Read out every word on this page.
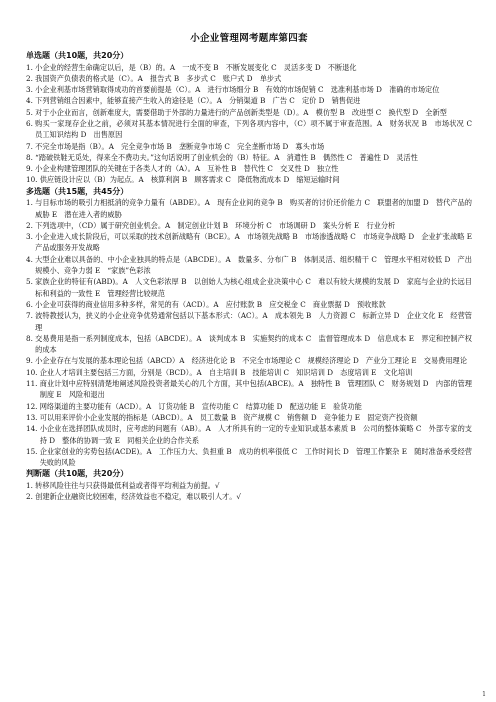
小企业管理网考题库第四套
单选题（共10题，共20分）
1. 小企业的经营生命确定以后，是（B）的。A　一成不变 B　不断发展变化 C　灵活多变 D　不断退化
2. 我国资产负债表的格式是（C）。A　报告式 B　多步式 C　账户式 D　单步式
3. 小企业利基市场营销取得成功的首要前提是（C）。A　进行市场细分 B　有效的市场促销 C　选准利基市场 D　准确的市场定位
4. 下列营销组合因素中，能够直接产生收入的途径是（C）。A　分销渠道 B　广告 C　定价 D　销售促进
5. 对于小企业而言，创新难度大，需要借助于外部的力量进行的产品创新类型是（D）。A　模仿型 B　改进型 C　换代型 D　全新型
6. 购买一家现存企业之前，必须对其基本情况进行全面的审查，下列各项内容中，（C）项不属于审查范围。A　财务状况 B　市场状况 C　员工知识结构 D　出售原因
7. 不完全市场是指（B）。A　完全竞争市场 B　垄断竞争市场 C　完全垄断市场 D　寡头市场
8. “踏破铁鞋无觅处，得来全不费功夫。”这句话说明了创业机会的（B）特征。A　消遣性 B　偶然性 C　普遍性 D　灵活性
9. 小企业构建管理团队的关键在于各类人才的（A）。A　互补性 B　替代性 C　交叉性 D　独立性
10. 供应链设计应以（B）为起点。A　核算利润 B　顾客需求 C　降低物流成本 D　缩短运输时间
多选题（共15题，共45分）
1. 与目标市场的吸引力相抵消的竞争力量有（ABDE）。A　现有企业间的竞争 B　购买者的讨价还价能力 C　联盟者的加盟 D　替代产品的威胁 E　潜在进入者的威胁
2. 下列选项中，（CD）属于研究创业机会。A　制定创业计划 B　环境分析 C　市场调研 D　案头分析 E　行业分析
3. 小企业进入成长阶段后，可以采取的技术创新战略有（BCE）。A　市场领先战略 B　市场渗透战略 C　市场竞争战略 D　企业扩张战略 E　产品或服务开发战略
4. 大型企业难以具备的、中小企业独具的特点是（ABCDE）。A　数量多、分布广 B　体制灵活、组织精干 C　管理水平相对较低 D　产出规模小、竞争力弱 E　“家族”色彩浓
5. 家族企业的特征有(ABD)。A　人文色彩浓厚 B　以创始人为核心组成企业决策中心 C　难以有较大规模的发展 D　家庭与企业的长远目标和利益的一致性 E　管理经营比较规范
6. 小企业可获得的商业信用多种多样，常见的有（ACD）。A　应付账款 B　应交税金 C　商业票据 D　预收账款
7. 波特教授认为，狭义的小企业竞争优势通常包括以下基本形式：（AC）。A　成本领先 B　人力资源 C　标新立异 D　企业文化 E　经营管理
8. 交易费用是指一系列制度成本，包括（ABCDE）。A　谈判成本 B　实施契约的成本 C　监督管理成本 D　信息成本 E　界定和控制产权的成本
9. 小企业存在与发展的基本理论包括（ABCD）A　经济进化论 B　不完全市场理论 C　规模经济理论 D　产业分工理论 E　交易费用理论
10. 企业人才培训主要包括三方面，分别是（BCD）。A　自主培训 B　技能培训 C　知识培训 D　态度培训 E　文化培训
11. 商业计划中应特别清楚地阐述风险投资者最关心的几个方面，其中包括(ABCE)。A　独特性 B　管理团队 C　财务规划 D　内部的管理制度 E　风险和退出
12. 网络渠道的主要功能有（ACD）。A　订货功能 B　宣传功能 C　结算功能 D　配送功能 E　验货功能
13. 可以用来评价小企业发展的指标是（ABCD）。A　员工数量 B　资产规模 C　销售额 D　竞争能力 E　固定资产投资额
14. 小企业在选择团队成员时，应考虑的问题有（AB）。A　人才所具有的一定的专业知识或基本素质 B　公司的整体策略 C　外部专家的支持 D　整体的协调一致 E　同相关企业的合作关系
15. 企业家创业的劣势包括(ACDE)。A　工作压力大、负担重 B　成功的机率很低 C　工作时间长 D　管理工作繁杂 E　随时准备承受经营失败的风险
判断题（共10题，共20分）
1. 转移风险往往与只获得最低利益或者得平均利益为前提。√
2. 创建新企业融资比较困难，经济效益也不稳定，难以吸引人才。√
1
